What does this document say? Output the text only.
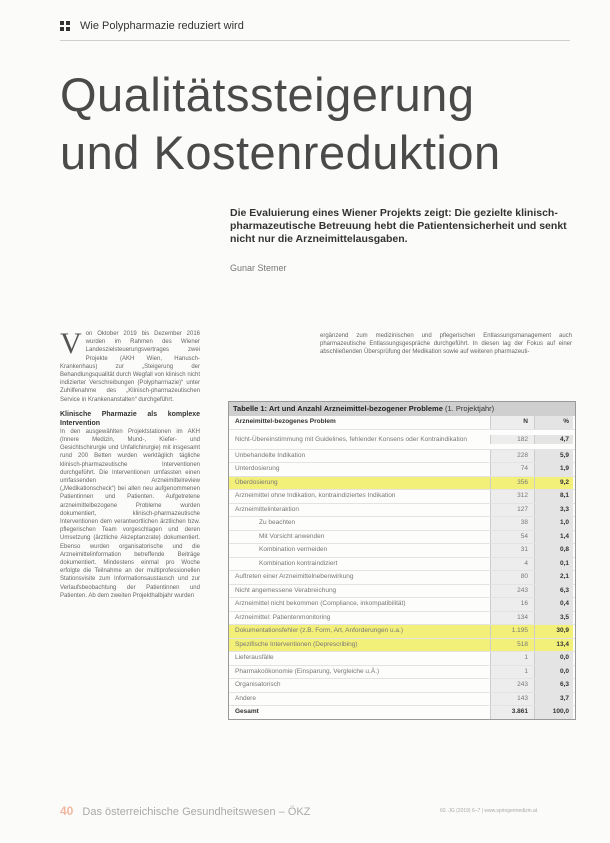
Wie Polypharmazie reduziert wird
Qualitätssteigerung
und Kostenreduktion
Die Evaluierung eines Wiener Projekts zeigt: Die gezielte klinisch-pharmazeutische Betreuung hebt die Patientensicherheit und senkt nicht nur die Arzneimittelausgaben.
Gunar Stemer
V on Oktober 2019 bis Dezember 2016 wurden im Rahmen des Wiener Landeszielsteuerungsvertrages zwei Projekte (AKH Wien, Hanusch-Krankenhaus) zur „Steigerung der Behandlungsqualität durch Wegfall von klinisch nicht indizierter Verschreibungen (Polypharmazie)“ unter Zuhilfenahme des „Klinisch-pharmazeutischen Service in Krankenanstalten“ durchgeführt.
Klinische Pharmazie als komplexe Intervention
In den ausgewählten Projektstationen im AKH (Innere Medizin, Mund-, Kiefer- und Gesichtschirurgie und Unfallchirurgie) mit insgesamt rund 200 Betten wurden werktäglich tägliche klinisch-pharmazeutische Interventionen durchgeführt. Die Interventionen umfassten einen umfassenden Arzneimittelreview („Medikationscheck“) bei allen neu aufgenommenen Patientinnen und Patienten. Aufgetretene arzneimittelbezogene Probleme wurden dokumentiert, klinisch-pharmazeutische Interventionen dem verantwortlichen ärztlichen bzw. pflegerischen Team vorgeschlagen und deren Umsetzung (ärztliche Akzeptanzrate) dokumentiert. Ebenso wurden organisatorische und die Arzneimittelinformation betreffende Beiträge dokumentiert. Mindestens einmal pro Woche erfolgte die Teilnahme an der multiprofessionellen Stationsvisite zum Informationsaustausch und zur Verlaufsbeobachtung der Patientinnen und Patienten. Ab dem zweiten Projekthalbjahr wurden
ergänzend zum medizinischen und pflegerischen Entlassungsmanagement auch pharmazeutische Entlassungsgespräche durchgeführt. In diesen lag der Fokus auf einer abschließenden Übersprüfung der Medikation sowie auf weiteren pharmazeuti-
Tabelle 1: Art und Anzahl Arzneimittel-bezogener Probleme (1. Projektjahr)
Arzneimittel-bezogenes Problem	N	%
Nicht-Übereinstimmung mit Guidelines, fehlender Konsens oder Kontraindikation	182	4,7
Unbehandelte Indikation	228	5,9
Unterdosierung	74	1,9
Überdosierung	356	9,2
Arzneimittel ohne Indikation, kontraindiziertes Indikation	312	8,1
Arzneimittelinteraktion	127	3,3
Zu beachten	38	1,0
Mit Vorsicht anwenden	54	1,4
Kombination vermeiden	31	0,8
Kombination kontraindiziert	4	0,1
Auftreten einer Arzneimittelnebenwirkung	80	2,1
Nicht angemessene Verabreichung	243	6,3
Arzneimittel nicht bekommen (Compliance, inkompatibilität)	16	0,4
Arzneimittel: Patientenmonitoring	134	3,5
Dokumentationsfehler (z.B. Form, Art, Anforderungen u.a.)	1.195	30,9
Spezifische Interventionen (Deprescribing)	518	13,4
Lieferausfälle	1	0,0
Pharmakoökonomie (Einsparung, Vergleiche u.Ä.)	1	0,0
Organisatorisch	243	6,3
Andere	143	3,7
Gesamt	3.861	100,0
40 Das österreichische Gesundheitswesen – ÖKZ	60. JG (2019) 6–7 | www.springermedizin.at
